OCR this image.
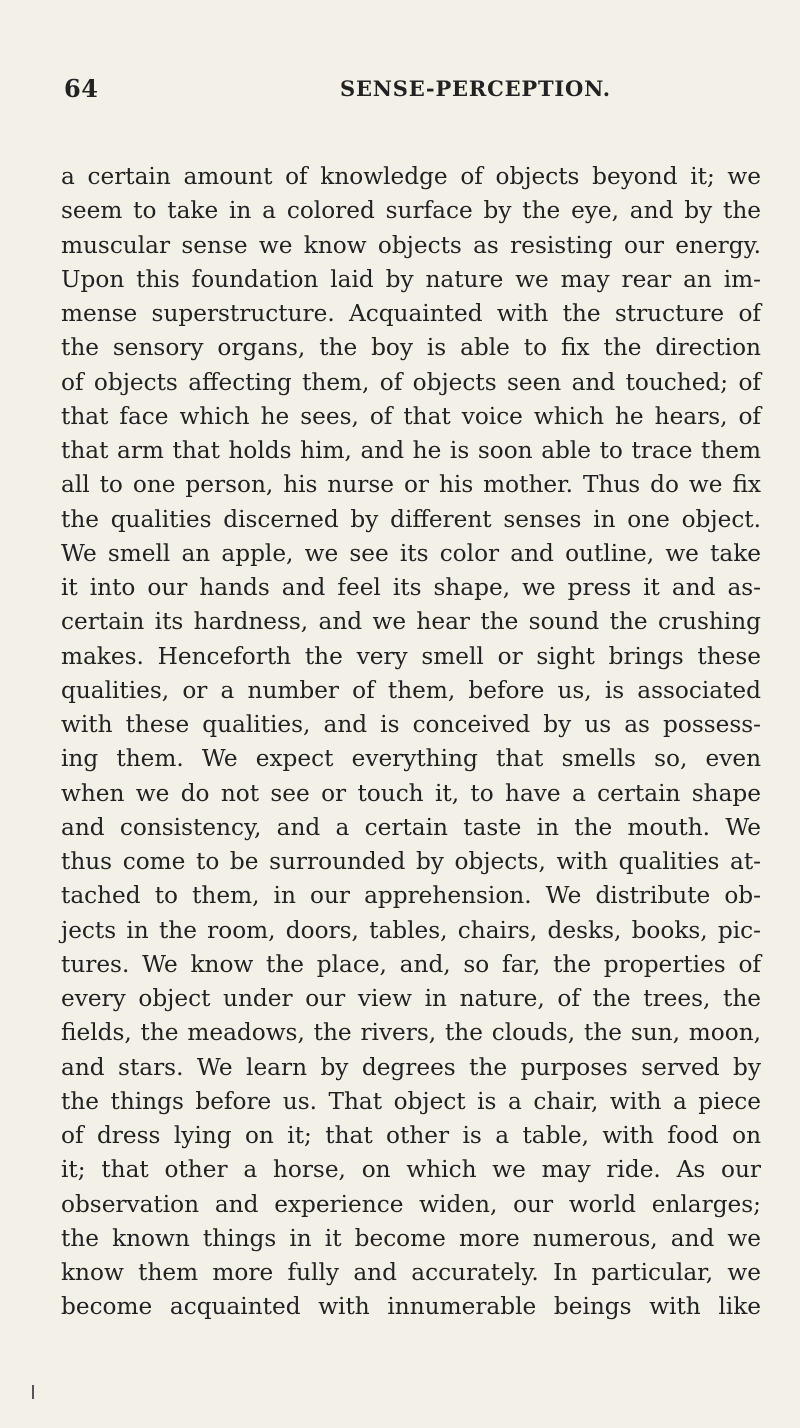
64	SENSE-PERCEPTION.
a certain amount of knowledge of objects beyond it; we
seem to take in a colored surface by the eye, and by the
muscular sense we know objects as resisting our energy.
Upon this foundation laid by nature we may rear an im-
mense superstructure. Acquainted with the structure of
the sensory organs, the boy is able to fix the direction
of objects affecting them, of objects seen and touched; of
that face which he sees, of that voice which he hears, of
that arm that holds him, and he is soon able to trace them
all to one person, his nurse or his mother. Thus do we fix
the qualities discerned by different senses in one object.
We smell an apple, we see its color and outline, we take
it into our hands and feel its shape, we press it and as-
certain its hardness, and we hear the sound the crushing
makes. Henceforth the very smell or sight brings these
qualities, or a number of them, before us, is associated
with these qualities, and is conceived by us as possess-
ing them. We expect everything that smells so, even
when we do not see or touch it, to have a certain shape
and consistency, and a certain taste in the mouth. We
thus come to be surrounded by objects, with qualities at-
tached to them, in our apprehension. We distribute ob-
jects in the room, doors, tables, chairs, desks, books, pic-
tures. We know the place, and, so far, the properties of
every object under our view in nature, of the trees, the
fields, the meadows, the rivers, the clouds, the sun, moon,
and stars. We learn by degrees the purposes served by
the things before us. That object is a chair, with a piece
of dress lying on it; that other is a table, with food on
it; that other a horse, on which we may ride. As our
observation and experience widen, our world enlarges;
the known things in it become more numerous, and we
know them more fully and accurately. In particular, we
become acquainted with innumerable beings with like
